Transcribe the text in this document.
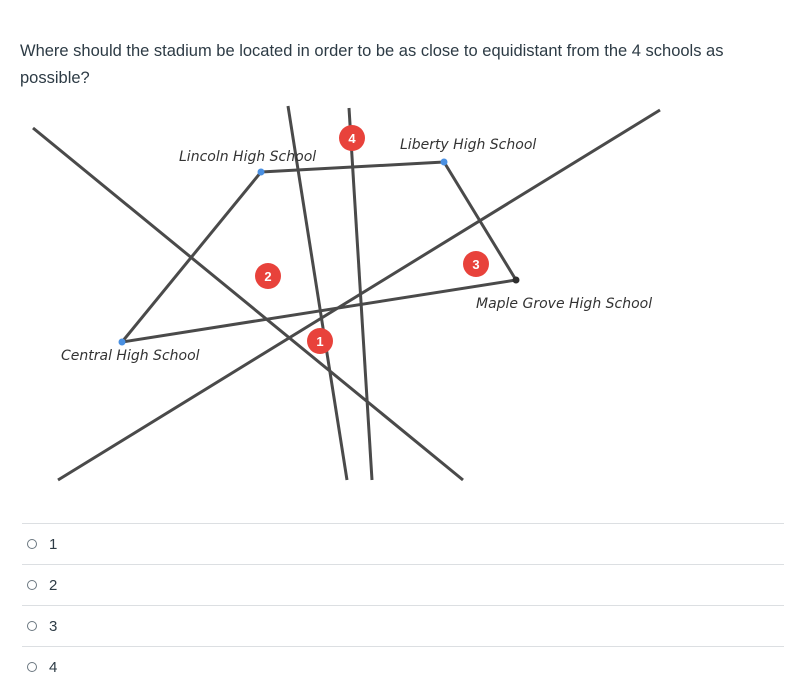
Where should the stadium be located in order to be as close to equidistant from the 4 schools as possible?

Lincoln High School
Liberty High School
Maple Grove High School
Central High School
4
2
3
1
1
2
3
4
